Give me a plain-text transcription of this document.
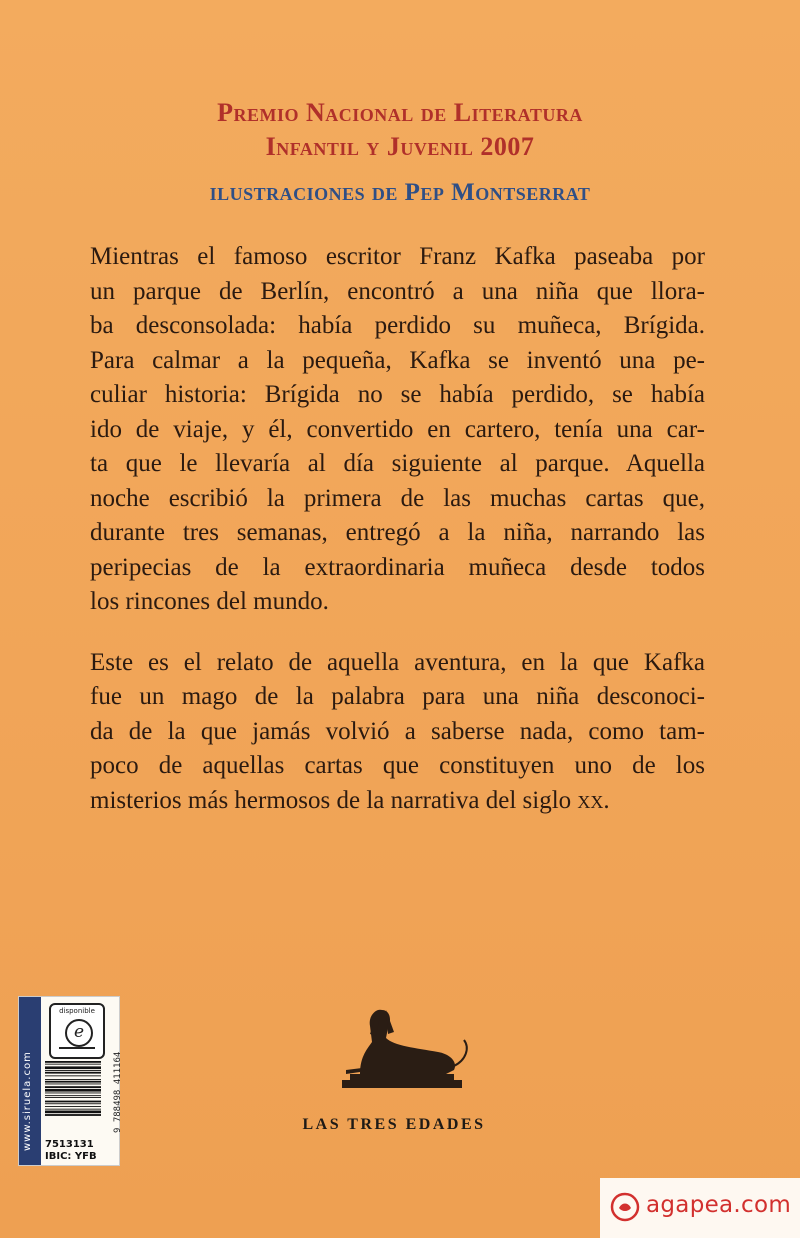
Premio Nacional de Literatura
Infantil y Juvenil 2007
ilustraciones de Pep Montserrat

Mientras el famoso escritor Franz Kafka paseaba por
un parque de Berlín, encontró a una niña que llora-
ba desconsolada: había perdido su muñeca, Brígida.
Para calmar a la pequeña, Kafka se inventó una pe-
culiar historia: Brígida no se había perdido, se había
ido de viaje, y él, convertido en cartero, tenía una car-
ta que le llevaría al día siguiente al parque. Aquella
noche escribió la primera de las muchas cartas que,
durante tres semanas, entregó a la niña, narrando las
peripecias de la extraordinaria muñeca desde todos
los rincones del mundo.

Este es el relato de aquella aventura, en la que Kafka
fue un mago de la palabra para una niña desconoci-
da de la que jamás volvió a saberse nada, como tam-
poco de aquellas cartas que constituyen uno de los
misterios más hermosos de la narrativa del siglo xx.

www.siruela.com
disponible
e
9 788498 411164
7513131
IBIC: YFB
LAS TRES EDADES
agapea.com
